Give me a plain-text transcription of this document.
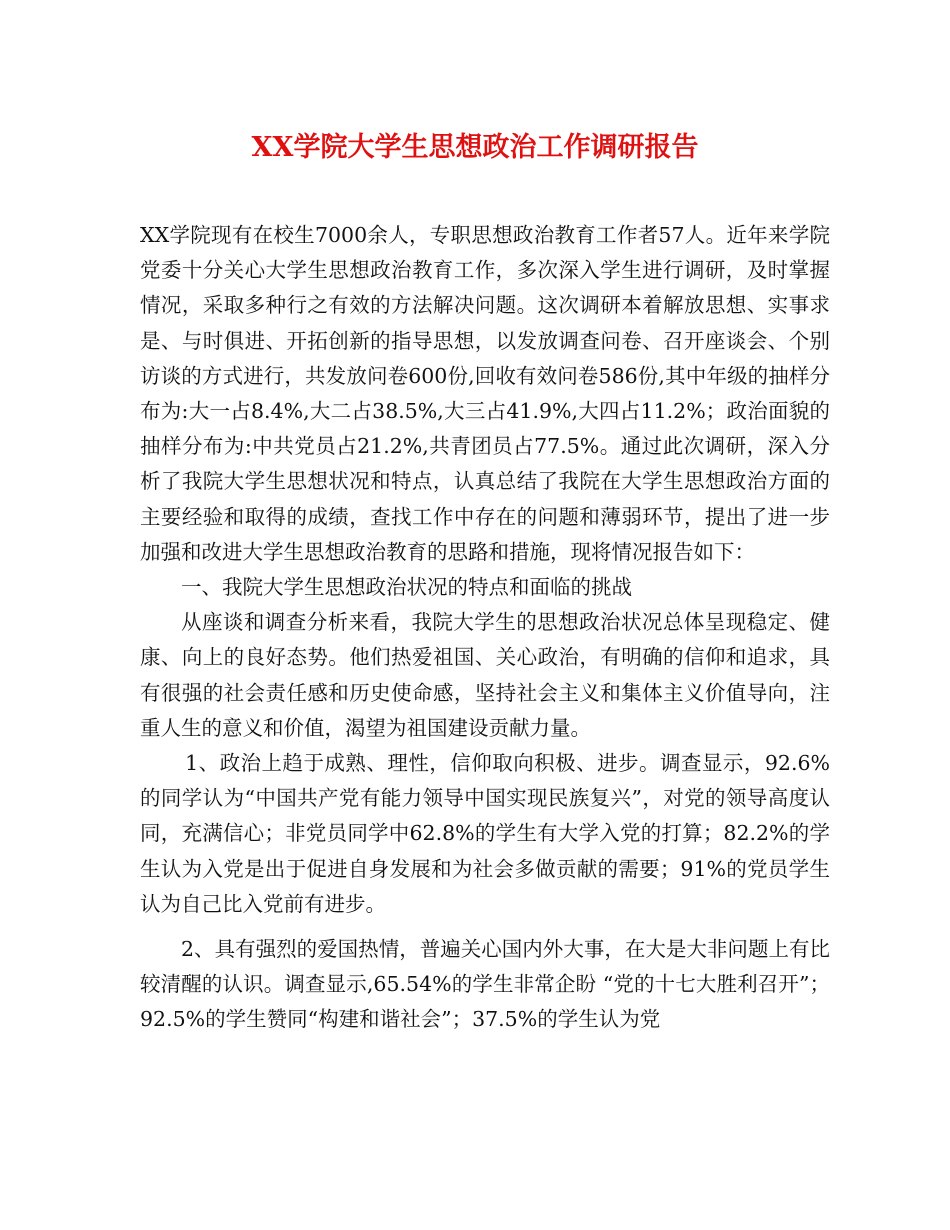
XX学院大学生思想政治工作调研报告

XX学院现有在校生7000余人，专职思想政治教育工作者57人。近年来学院党委十分关心大学生思想政治教育工作，多次深入学生进行调研，及时掌握情况，采取多种行之有效的方法解决问题。这次调研本着解放思想、实事求是、与时俱进、开拓创新的指导思想，以发放调查问卷、召开座谈会、个别访谈的方式进行，共发放问卷600份,回收有效问卷586份,其中年级的抽样分布为:大一占8.4%,大二占38.5%,大三占41.9%,大四占11.2%；政治面貌的抽样分布为:中共党员占21.2%,共青团员占77.5%。通过此次调研，深入分析了我院大学生思想状况和特点，认真总结了我院在大学生思想政治方面的主要经验和取得的成绩，查找工作中存在的问题和薄弱环节，提出了进一步加强和改进大学生思想政治教育的思路和措施，现将情况报告如下：

一、我院大学生思想政治状况的特点和面临的挑战

从座谈和调查分析来看，我院大学生的思想政治状况总体呈现稳定、健康、向上的良好态势。他们热爱祖国、关心政治，有明确的信仰和追求，具有很强的社会责任感和历史使命感，坚持社会主义和集体主义价值导向，注重人生的意义和价值，渴望为祖国建设贡献力量。

1、政治上趋于成熟、理性，信仰取向积极、进步。调查显示，92.6%的同学认为“中国共产党有能力领导中国实现民族复兴”，对党的领导高度认同，充满信心；非党员同学中62.8%的学生有大学入党的打算；82.2%的学生认为入党是出于促进自身发展和为社会多做贡献的需要；91%的党员学生认为自己比入党前有进步。

2、具有强烈的爱国热情，普遍关心国内外大事，在大是大非问题上有比较清醒的认识。调查显示,65.54%的学生非常企盼 “党的十七大胜利召开”；92.5%的学生赞同“构建和谐社会”；37.5%的学生认为党
